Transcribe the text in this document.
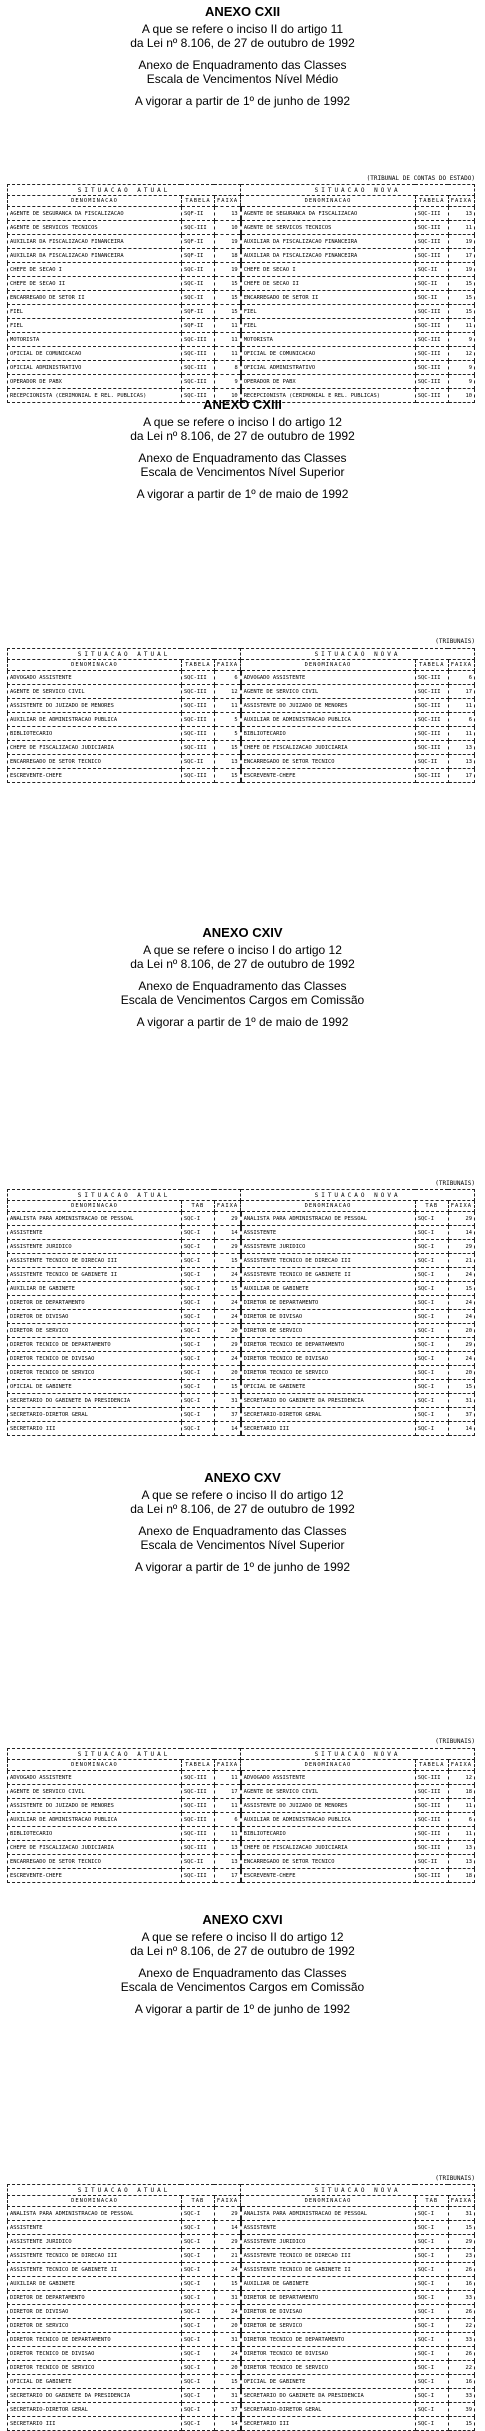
ANEXO CXII
A que se refere o inciso II do artigo 11
da Lei nº 8.106, de 27 de outubro de 1992
Anexo de Enquadramento das Classes
Escala de Vencimentos Nível Médio
A vigorar a partir de 1º de junho de 1992
(TRIBUNAL DE CONTAS DO ESTADO)
SITUACAO ATUAL			SITUACAO NOVA		
DENOMINACAO	TABELA	FAIXA	DENOMINACAO	TABELA	FAIXA
AGENTE DE SEGURANCA DA FISCALIZACAO	SQF-II	13	AGENTE DE SEGURANCA DA FISCALIZACAO	SQC-III	13
AGENTE DE SERVICOS TECNICOS	SQC-III	10	AGENTE DE SERVICOS TECNICOS	SQC-III	11
AUXILIAR DA FISCALIZACAO FINANCEIRA	SQF-II	19	AUXILIAR DA FISCALIZACAO FINANCEIRA	SQC-III	19
AUXILIAR DA FISCALIZACAO FINANCEIRA	SQF-II	18	AUXILIAR DA FISCALIZACAO FINANCEIRA	SQC-III	17
CHEFE DE SECAO I	SQC-II	19	CHEFE DE SECAO I	SQC-II	19
CHEFE DE SECAO II	SQC-II	15	CHEFE DE SECAO II	SQC-II	15
ENCARREGADO DE SETOR II	SQC-II	15	ENCARREGADO DE SETOR II	SQC-II	15
FIEL	SQF-II	15	FIEL	SQC-III	15
FIEL	SQF-II	11	FIEL	SQC-III	11
MOTORISTA	SQC-III	11	MOTORISTA	SQC-III	9
OFICIAL DE COMUNICACAO	SQC-III	11	OFICIAL DE COMUNICACAO	SQC-III	12
OFICIAL ADMINISTRATIVO	SQC-III	8	OFICIAL ADMINISTRATIVO	SQC-III	9
OPERADOR DE PABX	SQC-III	9	OPERADOR DE PABX	SQC-III	9
RECEPCIONISTA (CERIMONIAL E REL. PUBLICAS)	SQC-III	10	RECEPCIONISTA (CERIMONIAL E REL. PUBLICAS)	SQC-III	10
ANEXO CXIII
A que se refere o inciso I do artigo 12
da Lei nº 8.106, de 27 de outubro de 1992
Anexo de Enquadramento das Classes
Escala de Vencimentos Nível Superior
A vigorar a partir de 1º de maio de 1992
(TRIBUNAIS)
SITUACAO ATUAL			SITUACAO NOVA		
DENOMINACAO	TABELA	FAIXA	DENOMINACAO	TABELA	FAIXA
ADVOGADO ASSISTENTE	SQC-III	6	ADVOGADO ASSISTENTE	SQC-III	6
AGENTE DE SERVICO CIVIL	SQC-III	12	AGENTE DE SERVICO CIVIL	SQC-III	17
ASSISTENTE DO JUIZADO DE MENORES	SQC-III	11	ASSISTENTE DO JUIZADO DE MENORES	SQC-III	11
AUXILIAR DE ADMINISTRACAO PUBLICA	SQC-III	5	AUXILIAR DE ADMINISTRACAO PUBLICA	SQC-III	6
BIBLIOTECARIO	SQC-III	5	BIBLIOTECARIO	SQC-III	11
CHEFE DE FISCALIZACAO JUDICIARIA	SQC-III	15	CHEFE DE FISCALIZACAO JUDICIARIA	SQC-III	13
ENCARREGADO DE SETOR TECNICO	SQC-II	13	ENCARREGADO DE SETOR TECNICO	SQC-II	13
ESCREVENTE-CHEFE	SQC-III	15	ESCREVENTE-CHEFE	SQC-III	17
ANEXO CXIV
A que se refere o inciso I do artigo 12
da Lei nº 8.106, de 27 de outubro de 1992
Anexo de Enquadramento das Classes
Escala de Vencimentos Cargos em Comissão
A vigorar a partir de 1º de maio de 1992
(TRIBUNAIS)
SITUACAO ATUAL			SITUACAO NOVA		
DENOMINACAO	TAB	FAIXA	DENOMINACAO	TAB	FAIXA
ANALISTA PARA ADMINISTRACAO DE PESSOAL	SQC-I	29	ANALISTA PARA ADMINISTRACAO DE PESSOAL	SQC-I	29
ASSISTENTE	SQC-I	14	ASSISTENTE	SQC-I	14
ASSISTENTE JURIDICO	SQC-I	29	ASSISTENTE JURIDICO	SQC-I	29
ASSISTENTE TECNICO DE DIRECAO III	SQC-I	15	ASSISTENTE TECNICO DE DIRECAO III	SQC-I	21
ASSISTENTE TECNICO DE GABINETE II	SQC-I	24	ASSISTENTE TECNICO DE GABINETE II	SQC-I	24
AUXILIAR DE GABINETE	SQC-I	15	AUXILIAR DE GABINETE	SQC-I	15
DIRETOR DE DEPARTAMENTO	SQC-I	24	DIRETOR DE DEPARTAMENTO	SQC-I	24
DIRETOR DE DIVISAO	SQC-I	24	DIRETOR DE DIVISAO	SQC-I	24
DIRETOR DE SERVICO	SQC-I	20	DIRETOR DE SERVICO	SQC-I	20
DIRETOR TECNICO DE DEPARTAMENTO	SQC-I	29	DIRETOR TECNICO DE DEPARTAMENTO	SQC-I	29
DIRETOR TECNICO DE DIVISAO	SQC-I	24	DIRETOR TECNICO DE DIVISAO	SQC-I	24
DIRETOR TECNICO DE SERVICO	SQC-I	20	DIRETOR TECNICO DE SERVICO	SQC-I	20
OFICIAL DE GABINETE	SQC-I	15	OFICIAL DE GABINETE	SQC-I	15
SECRETARIO DO GABINETE DA PRESIDENCIA	SQC-I	31	SECRETARIO DO GABINETE DA PRESIDENCIA	SQC-I	31
SECRETARIO-DIRETOR GERAL	SQC-I	37	SECRETARIO-DIRETOR GERAL	SQC-I	37
SECRETARIO III	SQC-I	14	SECRETARIO III	SQC-I	14
ANEXO CXV
A que se refere o inciso II do artigo 12
da Lei nº 8.106, de 27 de outubro de 1992
Anexo de Enquadramento das Classes
Escala de Vencimentos Nível Superior
A vigorar a partir de 1º de junho de 1992
(TRIBUNAIS)
SITUACAO ATUAL			SITUACAO NOVA		
DENOMINACAO	TABELA	FAIXA	DENOMINACAO	TABELA	FAIXA
ADVOGADO ASSISTENTE	SQC-III	11	ADVOGADO ASSISTENTE	SQC-III	12
AGENTE DE SERVICO CIVIL	SQC-III	17	AGENTE DE SERVICO CIVIL	SQC-III	18
ASSISTENTE DO JUIZADO DE MENORES	SQC-III	11	ASSISTENTE DO JUIZADO DE MENORES	SQC-III	11
AUXILIAR DE ADMINISTRACAO PUBLICA	SQC-III	6	AUXILIAR DE ADMINISTRACAO PUBLICA	SQC-III	6
BIBLIOTECARIO	SQC-III	11	BIBLIOTECARIO	SQC-III	11
CHEFE DE FISCALIZACAO JUDICIARIA	SQC-III	13	CHEFE DE FISCALIZACAO JUDICIARIA	SQC-III	13
ENCARREGADO DE SETOR TECNICO	SQC-II	13	ENCARREGADO DE SETOR TECNICO	SQC-II	13
ESCREVENTE-CHEFE	SQC-III	17	ESCREVENTE-CHEFE	SQC-III	18
ANEXO CXVI
A que se refere o inciso II do artigo 12
da Lei nº 8.106, de 27 de outubro de 1992
Anexo de Enquadramento das Classes
Escala de Vencimentos Cargos em Comissão
A vigorar a partir de 1º de junho de 1992
(TRIBUNAIS)
SITUACAO ATUAL			SITUACAO NOVA		
DENOMINACAO	TAB	FAIXA	DENOMINACAO	TAB	FAIXA
ANALISTA PARA ADMINISTRACAO DE PESSOAL	SQC-I	29	ANALISTA PARA ADMINISTRACAO DE PESSOAL	SQC-I	31
ASSISTENTE	SQC-I	14	ASSISTENTE	SQC-I	15
ASSISTENTE JURIDICO	SQC-I	29	ASSISTENTE JURIDICO	SQC-I	29
ASSISTENTE TECNICO DE DIRECAO III	SQC-I	21	ASSISTENTE TECNICO DE DIRECAO III	SQC-I	23
ASSISTENTE TECNICO DE GABINETE II	SQC-I	24	ASSISTENTE TECNICO DE GABINETE II	SQC-I	26
AUXILIAR DE GABINETE	SQC-I	15	AUXILIAR DE GABINETE	SQC-I	16
DIRETOR DE DEPARTAMENTO	SQC-I	31	DIRETOR DE DEPARTAMENTO	SQC-I	33
DIRETOR DE DIVISAO	SQC-I	24	DIRETOR DE DIVISAO	SQC-I	26
DIRETOR DE SERVICO	SQC-I	20	DIRETOR DE SERVICO	SQC-I	22
DIRETOR TECNICO DE DEPARTAMENTO	SQC-I	31	DIRETOR TECNICO DE DEPARTAMENTO	SQC-I	33
DIRETOR TECNICO DE DIVISAO	SQC-I	24	DIRETOR TECNICO DE DIVISAO	SQC-I	26
DIRETOR TECNICO DE SERVICO	SQC-I	20	DIRETOR TECNICO DE SERVICO	SQC-I	22
OFICIAL DE GABINETE	SQC-I	15	OFICIAL DE GABINETE	SQC-I	16
SECRETARIO DO GABINETE DA PRESIDENCIA	SQC-I	31	SECRETARIO DO GABINETE DA PRESIDENCIA	SQC-I	33
SECRETARIO-DIRETOR GERAL	SQC-I	37	SECRETARIO-DIRETOR GERAL	SQC-I	39
SECRETARIO III	SQC-I	14	SECRETARIO III	SQC-I	15
